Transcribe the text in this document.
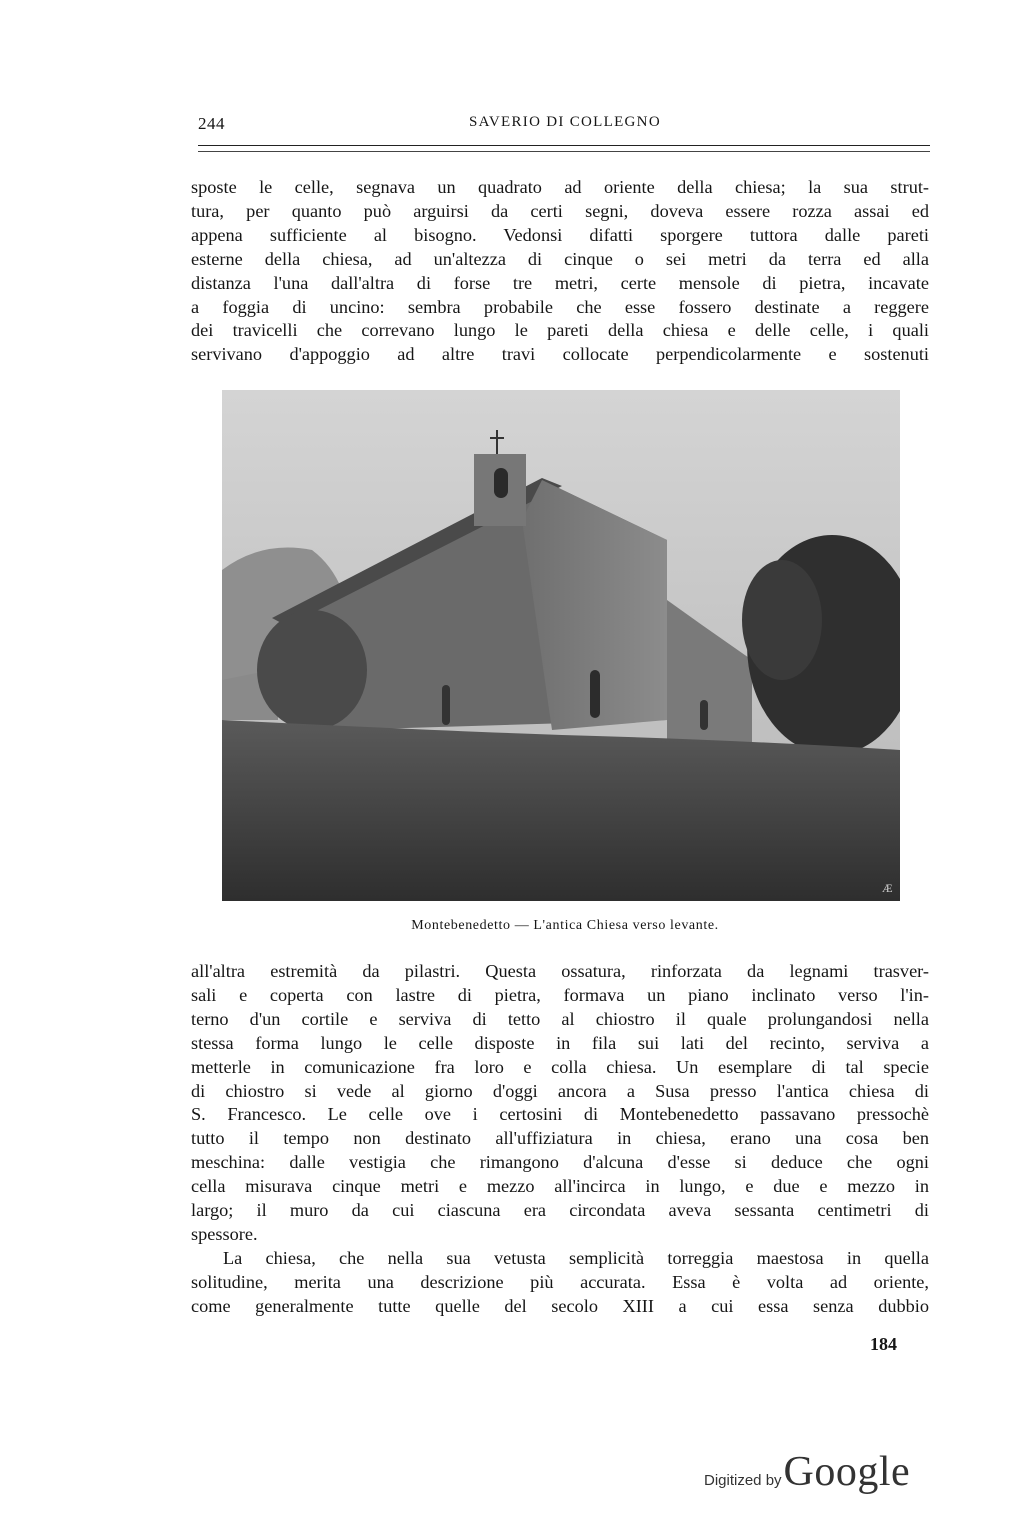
244	SAVERIO DI COLLEGNO

sposte le celle, segnava un quadrato ad oriente della chiesa; la sua strut-

tura, per quanto può arguirsi da certi segni, doveva essere rozza assai ed

appena sufficiente al bisogno. Vedonsi difatti sporgere tuttora dalle pareti

esterne della chiesa, ad un'altezza di cinque o sei metri da terra ed alla

distanza l'una dall'altra di forse tre metri, certe mensole di pietra, incavate

a foggia di uncino: sembra probabile che esse fossero destinate a reggere

dei travicelli che correvano lungo le pareti della chiesa e delle celle, i quali

servivano d'appoggio ad altre travi collocate perpendicolarmente e sostenuti

Æ
Montebenedetto — L'antica Chiesa verso levante.

all'altra estremità da pilastri. Questa ossatura, rinforzata da legnami trasver-

sali e coperta con lastre di pietra, formava un piano inclinato verso l'in-

terno d'un cortile e serviva di tetto al chiostro il quale prolungandosi nella

stessa forma lungo le celle disposte in fila sui lati del recinto, serviva a

metterle in comunicazione fra loro e colla chiesa. Un esemplare di tal specie

di chiostro si vede al giorno d'oggi ancora a Susa presso l'antica chiesa di

S. Francesco. Le celle ove i certosini di Montebenedetto passavano pressochè

tutto il tempo non destinato all'uffiziatura in chiesa, erano una cosa ben

meschina: dalle vestigia che rimangono d'alcuna d'esse si deduce che ogni

cella misurava cinque metri e mezzo all'incirca in lungo, e due e mezzo in

largo; il muro da cui ciascuna era circondata aveva sessanta centimetri di

spessore.

La chiesa, che nella sua vetusta semplicità torreggia maestosa in quella

solitudine, merita una descrizione più accurata. Essa è volta ad oriente,

come generalmente tutte quelle del secolo XIII a cui essa senza dubbio

184
Digitized by Google
